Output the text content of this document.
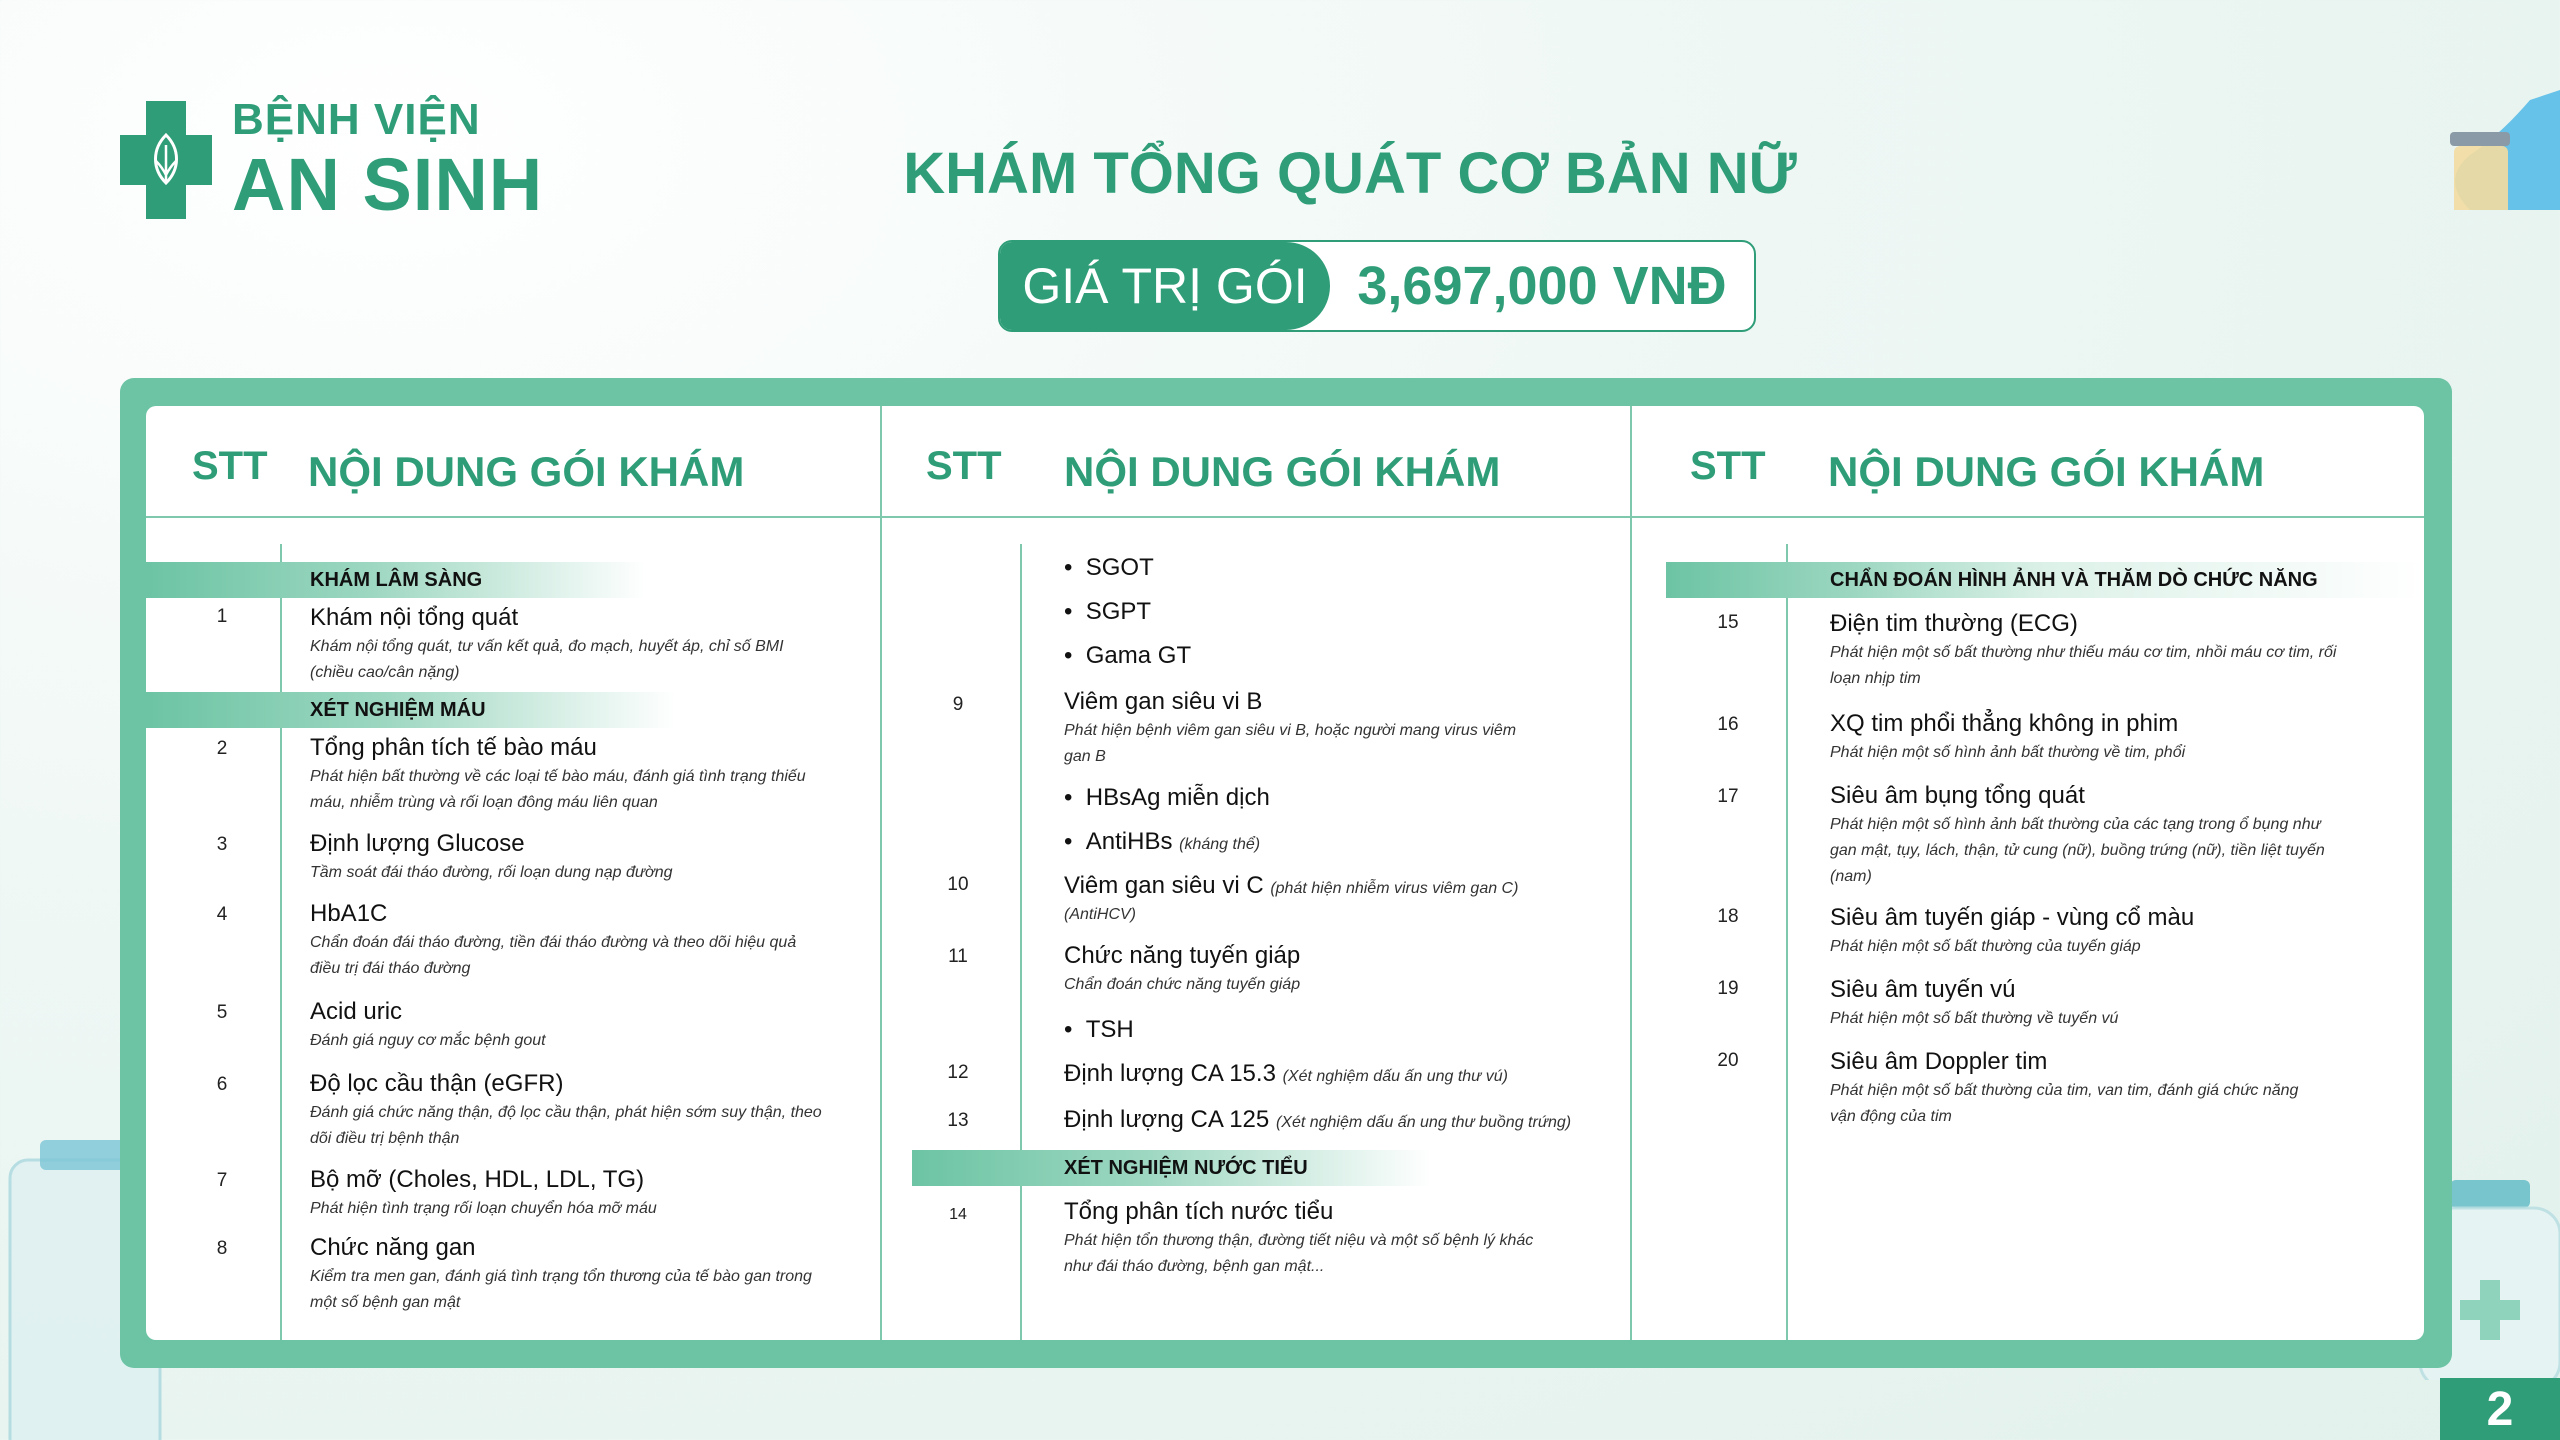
BỆNH VIỆN
AN SINH	KHÁM TỔNG QUÁT CƠ BẢN NỮ
GIÁ TRỊ GÓI 3,697,000 VNĐ
STT NỘI DUNG GÓI KHÁM	STT NỘI DUNG GÓI KHÁM	STT NỘI DUNG GÓI KHÁM
KHÁM LÂM SÀNG
1	Khám nội tổng quát
Khám nội tổng quát, tư vấn kết quả, đo mạch, huyết áp, chỉ số BMI (chiều cao/cân nặng)
XÉT NGHIỆM MÁU
2	Tổng phân tích tế bào máu
Phát hiện bất thường về các loại tế bào máu, đánh giá tình trạng thiếu máu, nhiễm trùng và rối loạn đông máu liên quan
3	Định lượng Glucose
Tầm soát đái tháo đường, rối loạn dung nạp đường
4	HbA1C
Chẩn đoán đái tháo đường, tiền đái tháo đường và theo dõi hiệu quả điều trị đái tháo đường
5	Acid uric
Đánh giá nguy cơ mắc bệnh gout
6	Độ lọc cầu thận (eGFR)
Đánh giá chức năng thận, độ lọc cầu thận, phát hiện sớm suy thận, theo dõi điều trị bệnh thận
7	Bộ mỡ (Choles, HDL, LDL, TG)
Phát hiện tình trạng rối loạn chuyển hóa mỡ máu
8	Chức năng gan
Kiểm tra men gan, đánh giá tình trạng tổn thương của tế bào gan trong một số bệnh gan mật
•  SGOT
•  SGPT
•  Gama GT
9	Viêm gan siêu vi B
Phát hiện bệnh viêm gan siêu vi B, hoặc người mang virus viêm gan B
•  HBsAg miễn dịch
•  AntiHBs (kháng thể)
10	Viêm gan siêu vi C (phát hiện nhiễm virus viêm gan C)
(AntiHCV)
11	Chức năng tuyến giáp
Chẩn đoán chức năng tuyến giáp
•  TSH
12	Định lượng CA 15.3 (Xét nghiệm dấu ấn ung thư vú)
13	Định lượng CA 125 (Xét nghiệm dấu ấn ung thư buồng trứng)
XÉT NGHIỆM NƯỚC TIỂU
14	Tổng phân tích nước tiểu
Phát hiện tổn thương thận, đường tiết niệu và một số bệnh lý khác như đái tháo đường, bệnh gan mật...
CHẨN ĐOÁN HÌNH ẢNH VÀ THĂM DÒ CHỨC NĂNG
15	Điện tim thường (ECG)
Phát hiện một số bất thường như thiếu máu cơ tim, nhồi máu cơ tim, rối loạn nhịp tim
16	XQ tim phổi thẳng không in phim
Phát hiện một số hình ảnh bất thường về tim, phổi
17	Siêu âm bụng tổng quát
Phát hiện một số hình ảnh bất thường của các tạng trong ổ bụng như gan mật, tụy, lách, thận, tử cung (nữ), buồng trứng (nữ), tiền liệt tuyến (nam)
18	Siêu âm tuyến giáp - vùng cổ màu
Phát hiện một số bất thường của tuyến giáp
19	Siêu âm tuyến vú
Phát hiện một số bất thường về tuyến vú
20	Siêu âm Doppler tim
Phát hiện một số bất thường của tim, van tim, đánh giá chức năng vận động của tim
2
